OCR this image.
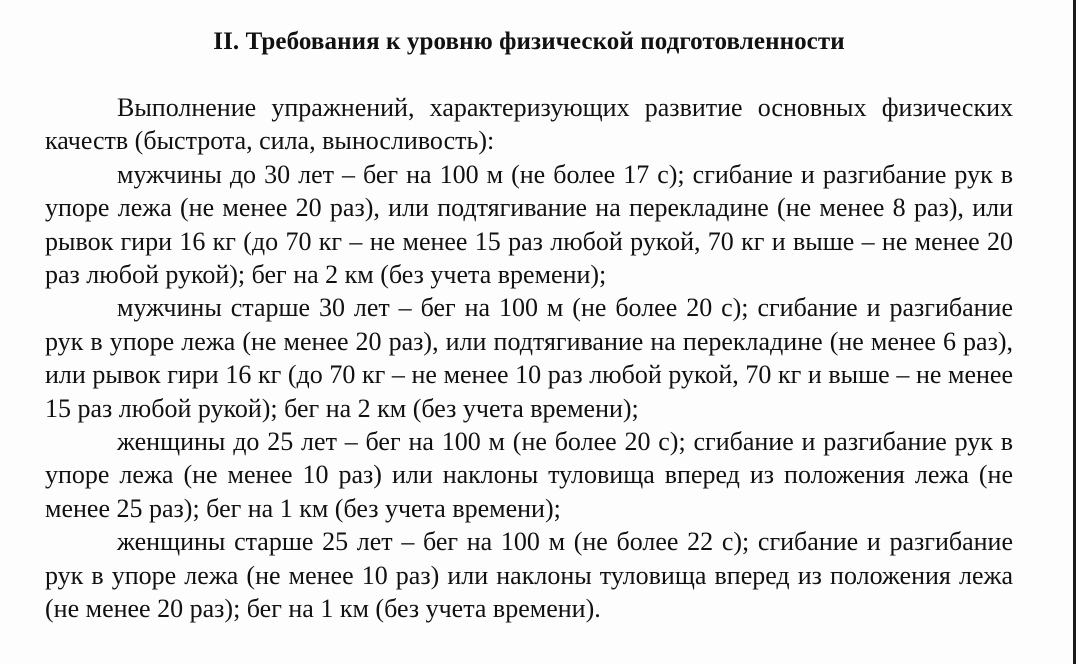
II. Требования к уровню физической подготовленности

Выполнение упражнений, характеризующих развитие основных физических качеств (быстрота, сила, выносливость):

мужчины до 30 лет – бег на 100 м (не более 17 с); сгибание и разгибание рук в упоре лежа (не менее 20 раз), или подтягивание на перекладине (не менее 8 раз), или рывок гири 16 кг (до 70 кг – не менее 15 раз любой рукой, 70 кг и выше – не менее 20 раз любой рукой); бег на 2 км (без учета времени);

мужчины старше 30 лет – бег на 100 м (не более 20 с); сгибание и разгибание рук в упоре лежа (не менее 20 раз), или подтягивание на перекладине (не менее 6 раз), или рывок гири 16 кг (до 70 кг – не менее 10 раз любой рукой, 70 кг и выше – не менее 15 раз любой рукой); бег на 2 км (без учета времени);

женщины до 25 лет – бег на 100 м (не более 20 с); сгибание и разгибание рук в упоре лежа (не менее 10 раз) или наклоны туловища вперед из положения лежа (не менее 25 раз); бег на 1 км (без учета времени);

женщины старше 25 лет – бег на 100 м (не более 22 с); сгибание и разгибание рук в упоре лежа (не менее 10 раз) или наклоны туловища вперед из положения лежа (не менее 20 раз); бег на 1 км (без учета времени).
